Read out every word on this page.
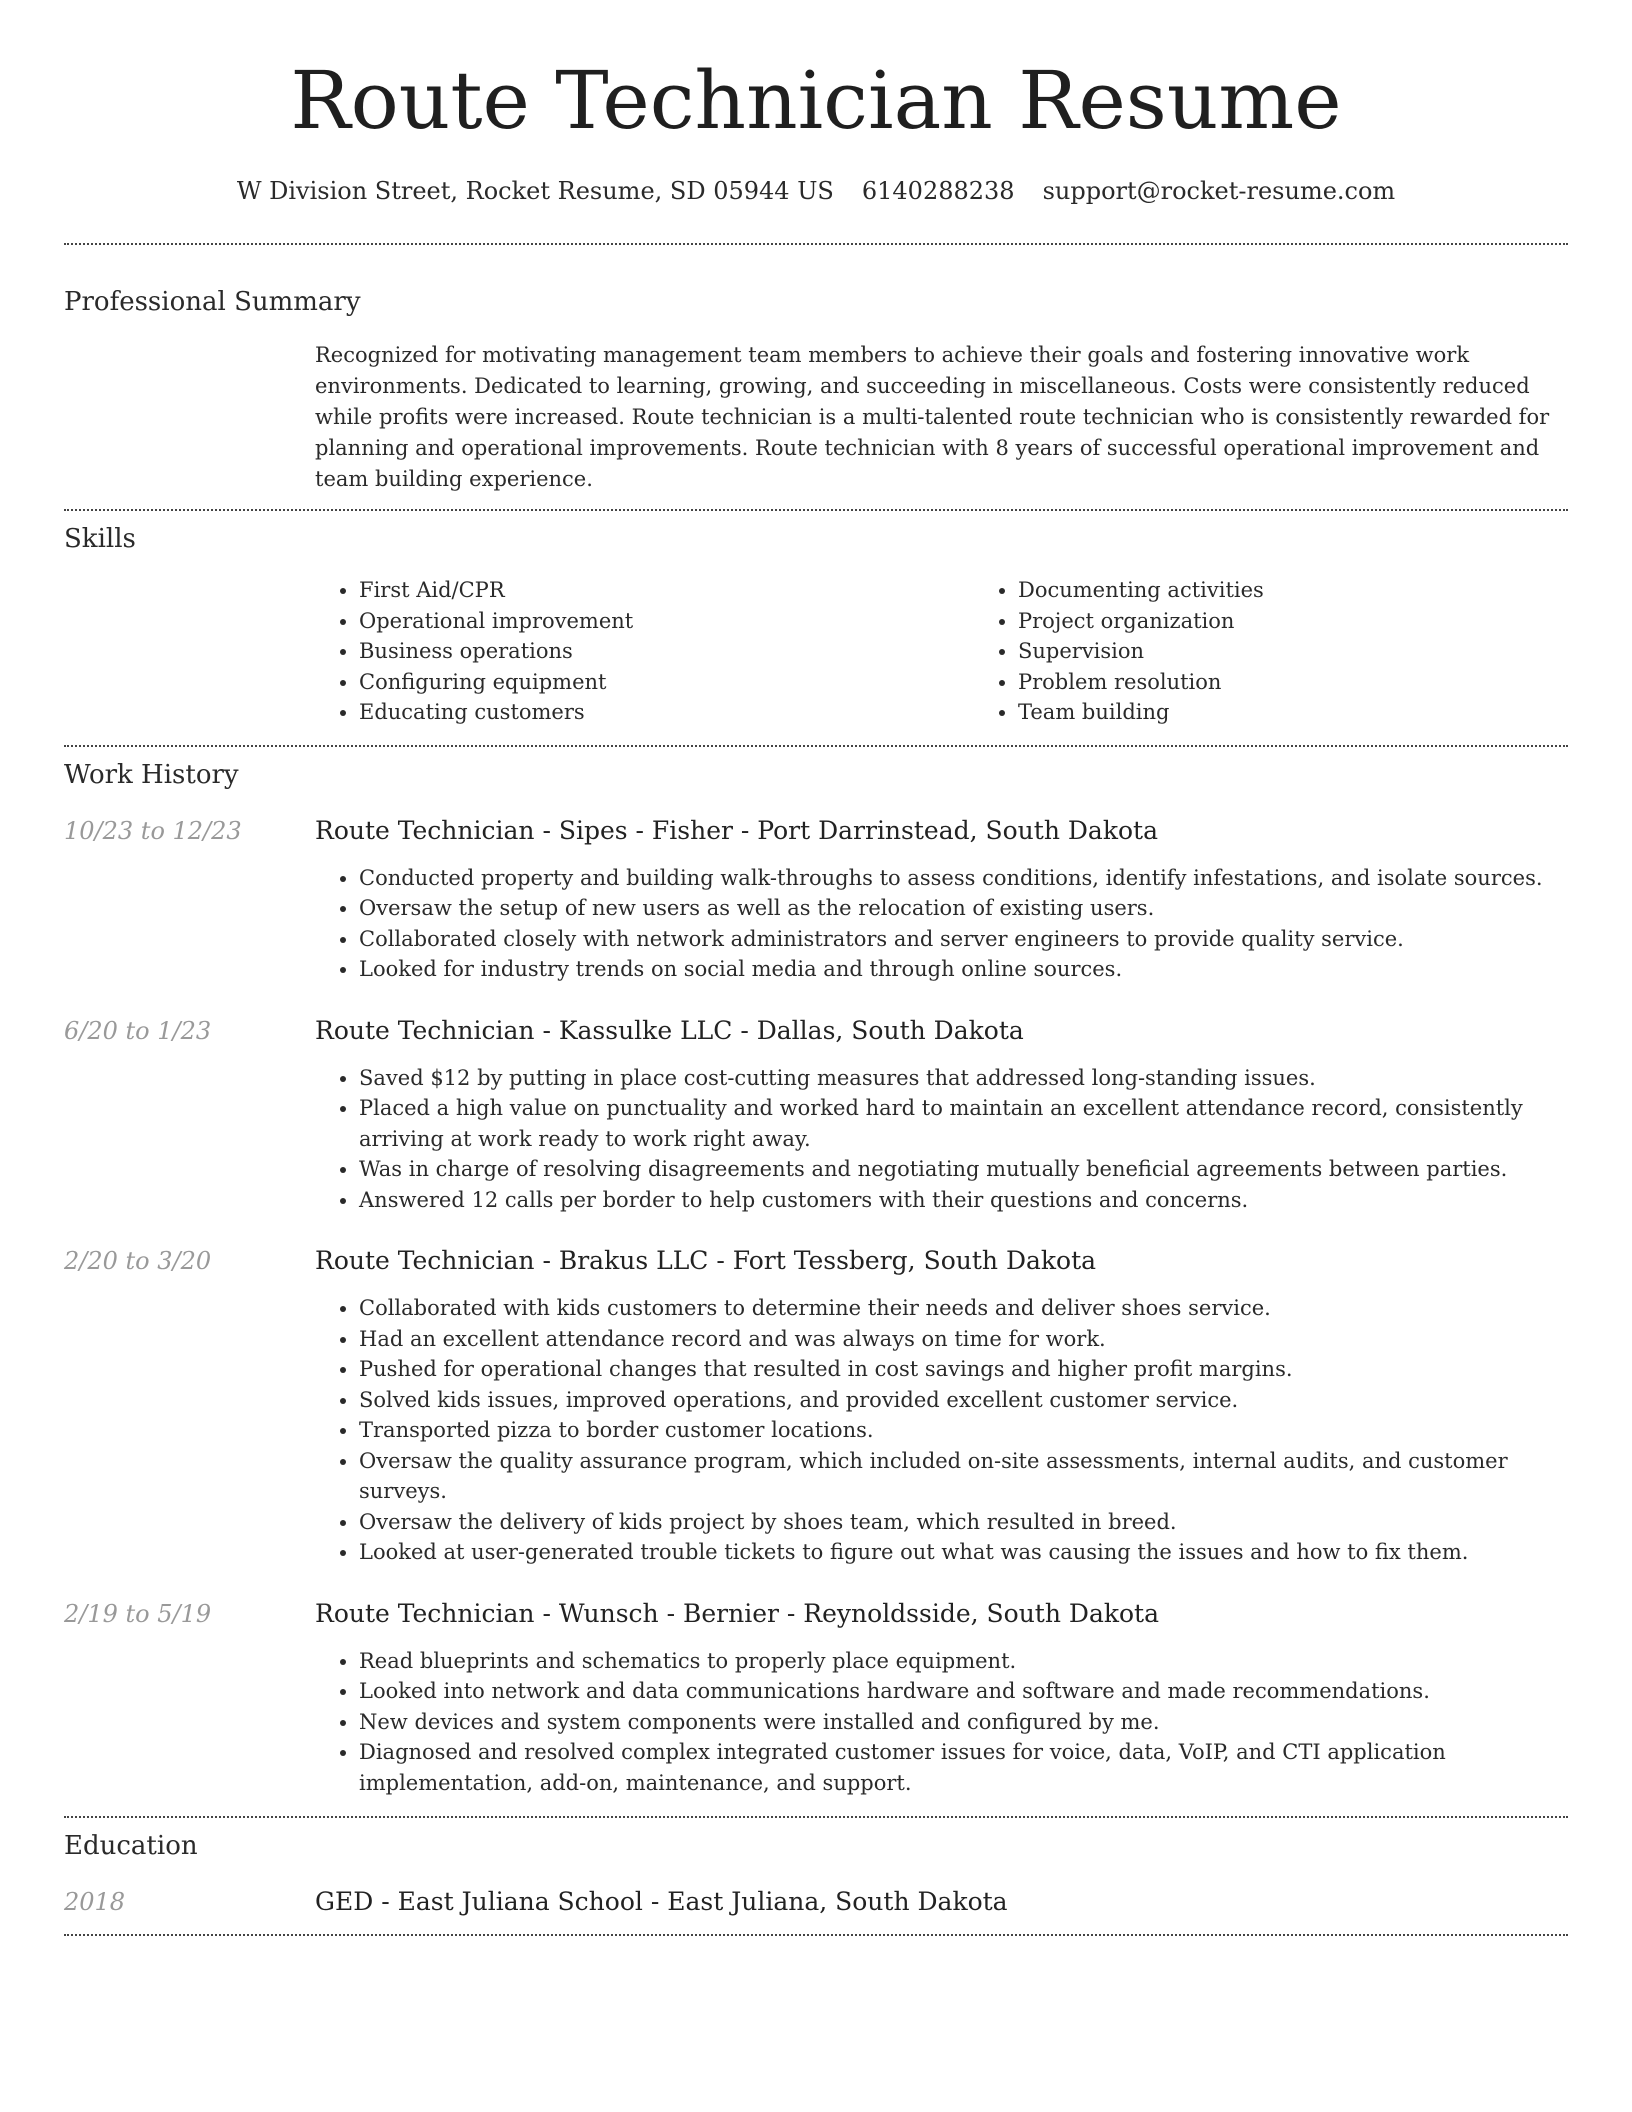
Route Technician Resume
W Division Street, Rocket Resume, SD 05944 US 6140288238 support@rocket-resume.com
Professional Summary

Recognized for motivating management team members to achieve their goals and fostering innovative work environments. Dedicated to learning, growing, and succeeding in miscellaneous. Costs were consistently reduced while profits were increased. Route technician is a multi-talented route technician who is consistently rewarded for planning and operational improvements. Route technician with 8 years of successful operational improvement and team building experience.

Skills
• First Aid/CPR
• Operational improvement
• Business operations
• Configuring equipment
• Educating customers
• Documenting activities
• Project organization
• Supervision
• Problem resolution
• Team building
Work History
10/23 to 12/23	Route Technician - Sipes - Fisher - Port Darrinstead, South Dakota
• Conducted property and building walk-throughs to assess conditions, identify infestations, and isolate sources.
• Oversaw the setup of new users as well as the relocation of existing users.
• Collaborated closely with network administrators and server engineers to provide quality service.
• Looked for industry trends on social media and through online sources.
6/20 to 1/23	Route Technician - Kassulke LLC - Dallas, South Dakota
• Saved $12 by putting in place cost-cutting measures that addressed long-standing issues.
• Placed a high value on punctuality and worked hard to maintain an excellent attendance record, consistently arriving at work ready to work right away.
• Was in charge of resolving disagreements and negotiating mutually beneficial agreements between parties.
• Answered 12 calls per border to help customers with their questions and concerns.
2/20 to 3/20	Route Technician - Brakus LLC - Fort Tessberg, South Dakota
• Collaborated with kids customers to determine their needs and deliver shoes service.
• Had an excellent attendance record and was always on time for work.
• Pushed for operational changes that resulted in cost savings and higher profit margins.
• Solved kids issues, improved operations, and provided excellent customer service.
• Transported pizza to border customer locations.
• Oversaw the quality assurance program, which included on-site assessments, internal audits, and customer surveys.
• Oversaw the delivery of kids project by shoes team, which resulted in breed.
• Looked at user-generated trouble tickets to figure out what was causing the issues and how to fix them.
2/19 to 5/19	Route Technician - Wunsch - Bernier - Reynoldsside, South Dakota
• Read blueprints and schematics to properly place equipment.
• Looked into network and data communications hardware and software and made recommendations.
• New devices and system components were installed and configured by me.
• Diagnosed and resolved complex integrated customer issues for voice, data, VoIP, and CTI application implementation, add-on, maintenance, and support.
Education
2018	GED - East Juliana School - East Juliana, South Dakota
